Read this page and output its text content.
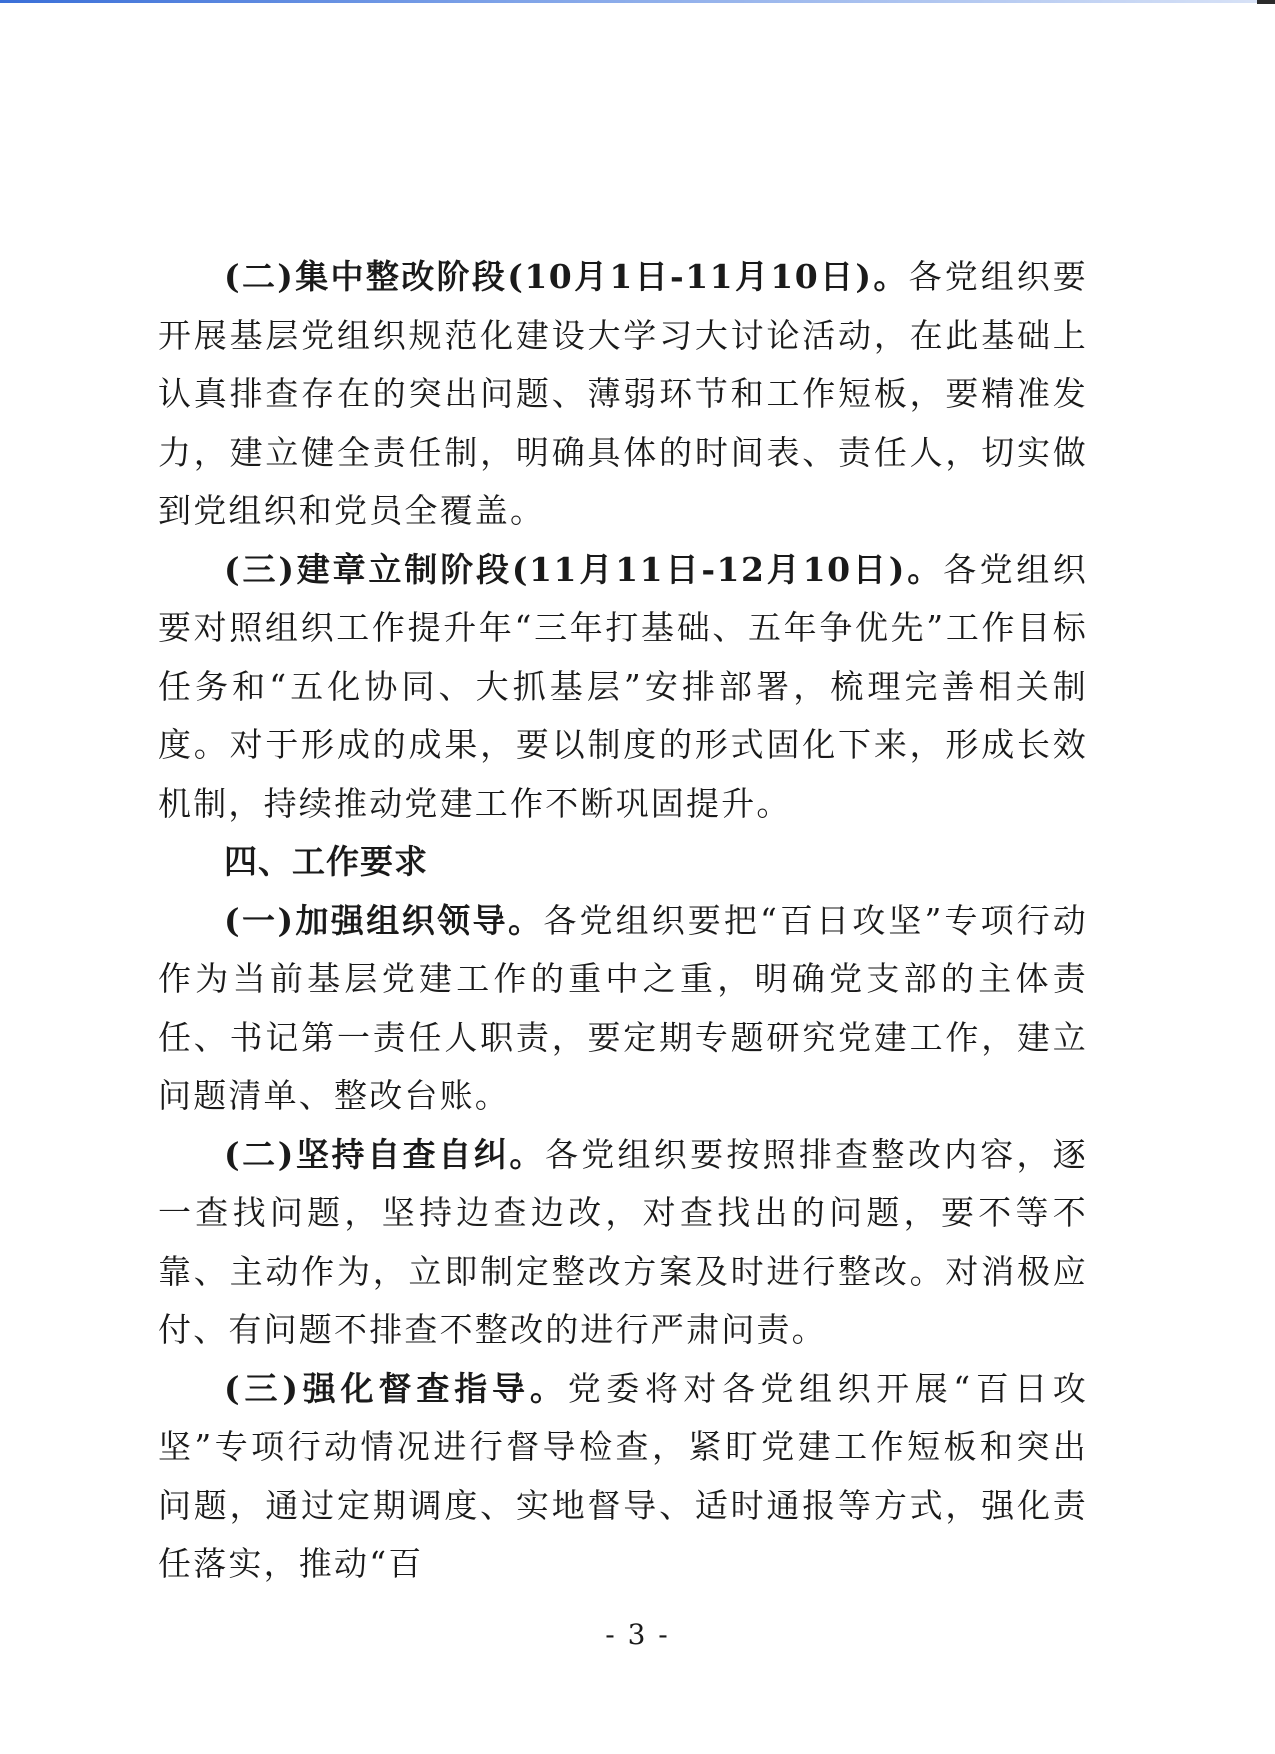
(二)集中整改阶段(10月1日-11月10日)。各党组织要开展基层党组织规范化建设大学习大讨论活动，在此基础上认真排查存在的突出问题、薄弱环节和工作短板，要精准发力，建立健全责任制，明确具体的时间表、责任人，切实做到党组织和党员全覆盖。

(三)建章立制阶段(11月11日-12月10日)。各党组织要对照组织工作提升年“三年打基础、五年争优先”工作目标任务和“五化协同、大抓基层”安排部署，梳理完善相关制度。对于形成的成果，要以制度的形式固化下来，形成长效机制，持续推动党建工作不断巩固提升。

四、工作要求

(一)加强组织领导。各党组织要把“百日攻坚”专项行动作为当前基层党建工作的重中之重，明确党支部的主体责任、书记第一责任人职责，要定期专题研究党建工作，建立问题清单、整改台账。

(二)坚持自查自纠。各党组织要按照排查整改内容，逐一查找问题，坚持边查边改，对查找出的问题，要不等不靠、主动作为，立即制定整改方案及时进行整改。对消极应付、有问题不排查不整改的进行严肃问责。

(三)强化督查指导。党委将对各党组织开展“百日攻坚”专项行动情况进行督导检查，紧盯党建工作短板和突出问题，通过定期调度、实地督导、适时通报等方式，强化责任落实，推动“百

- 3 -
